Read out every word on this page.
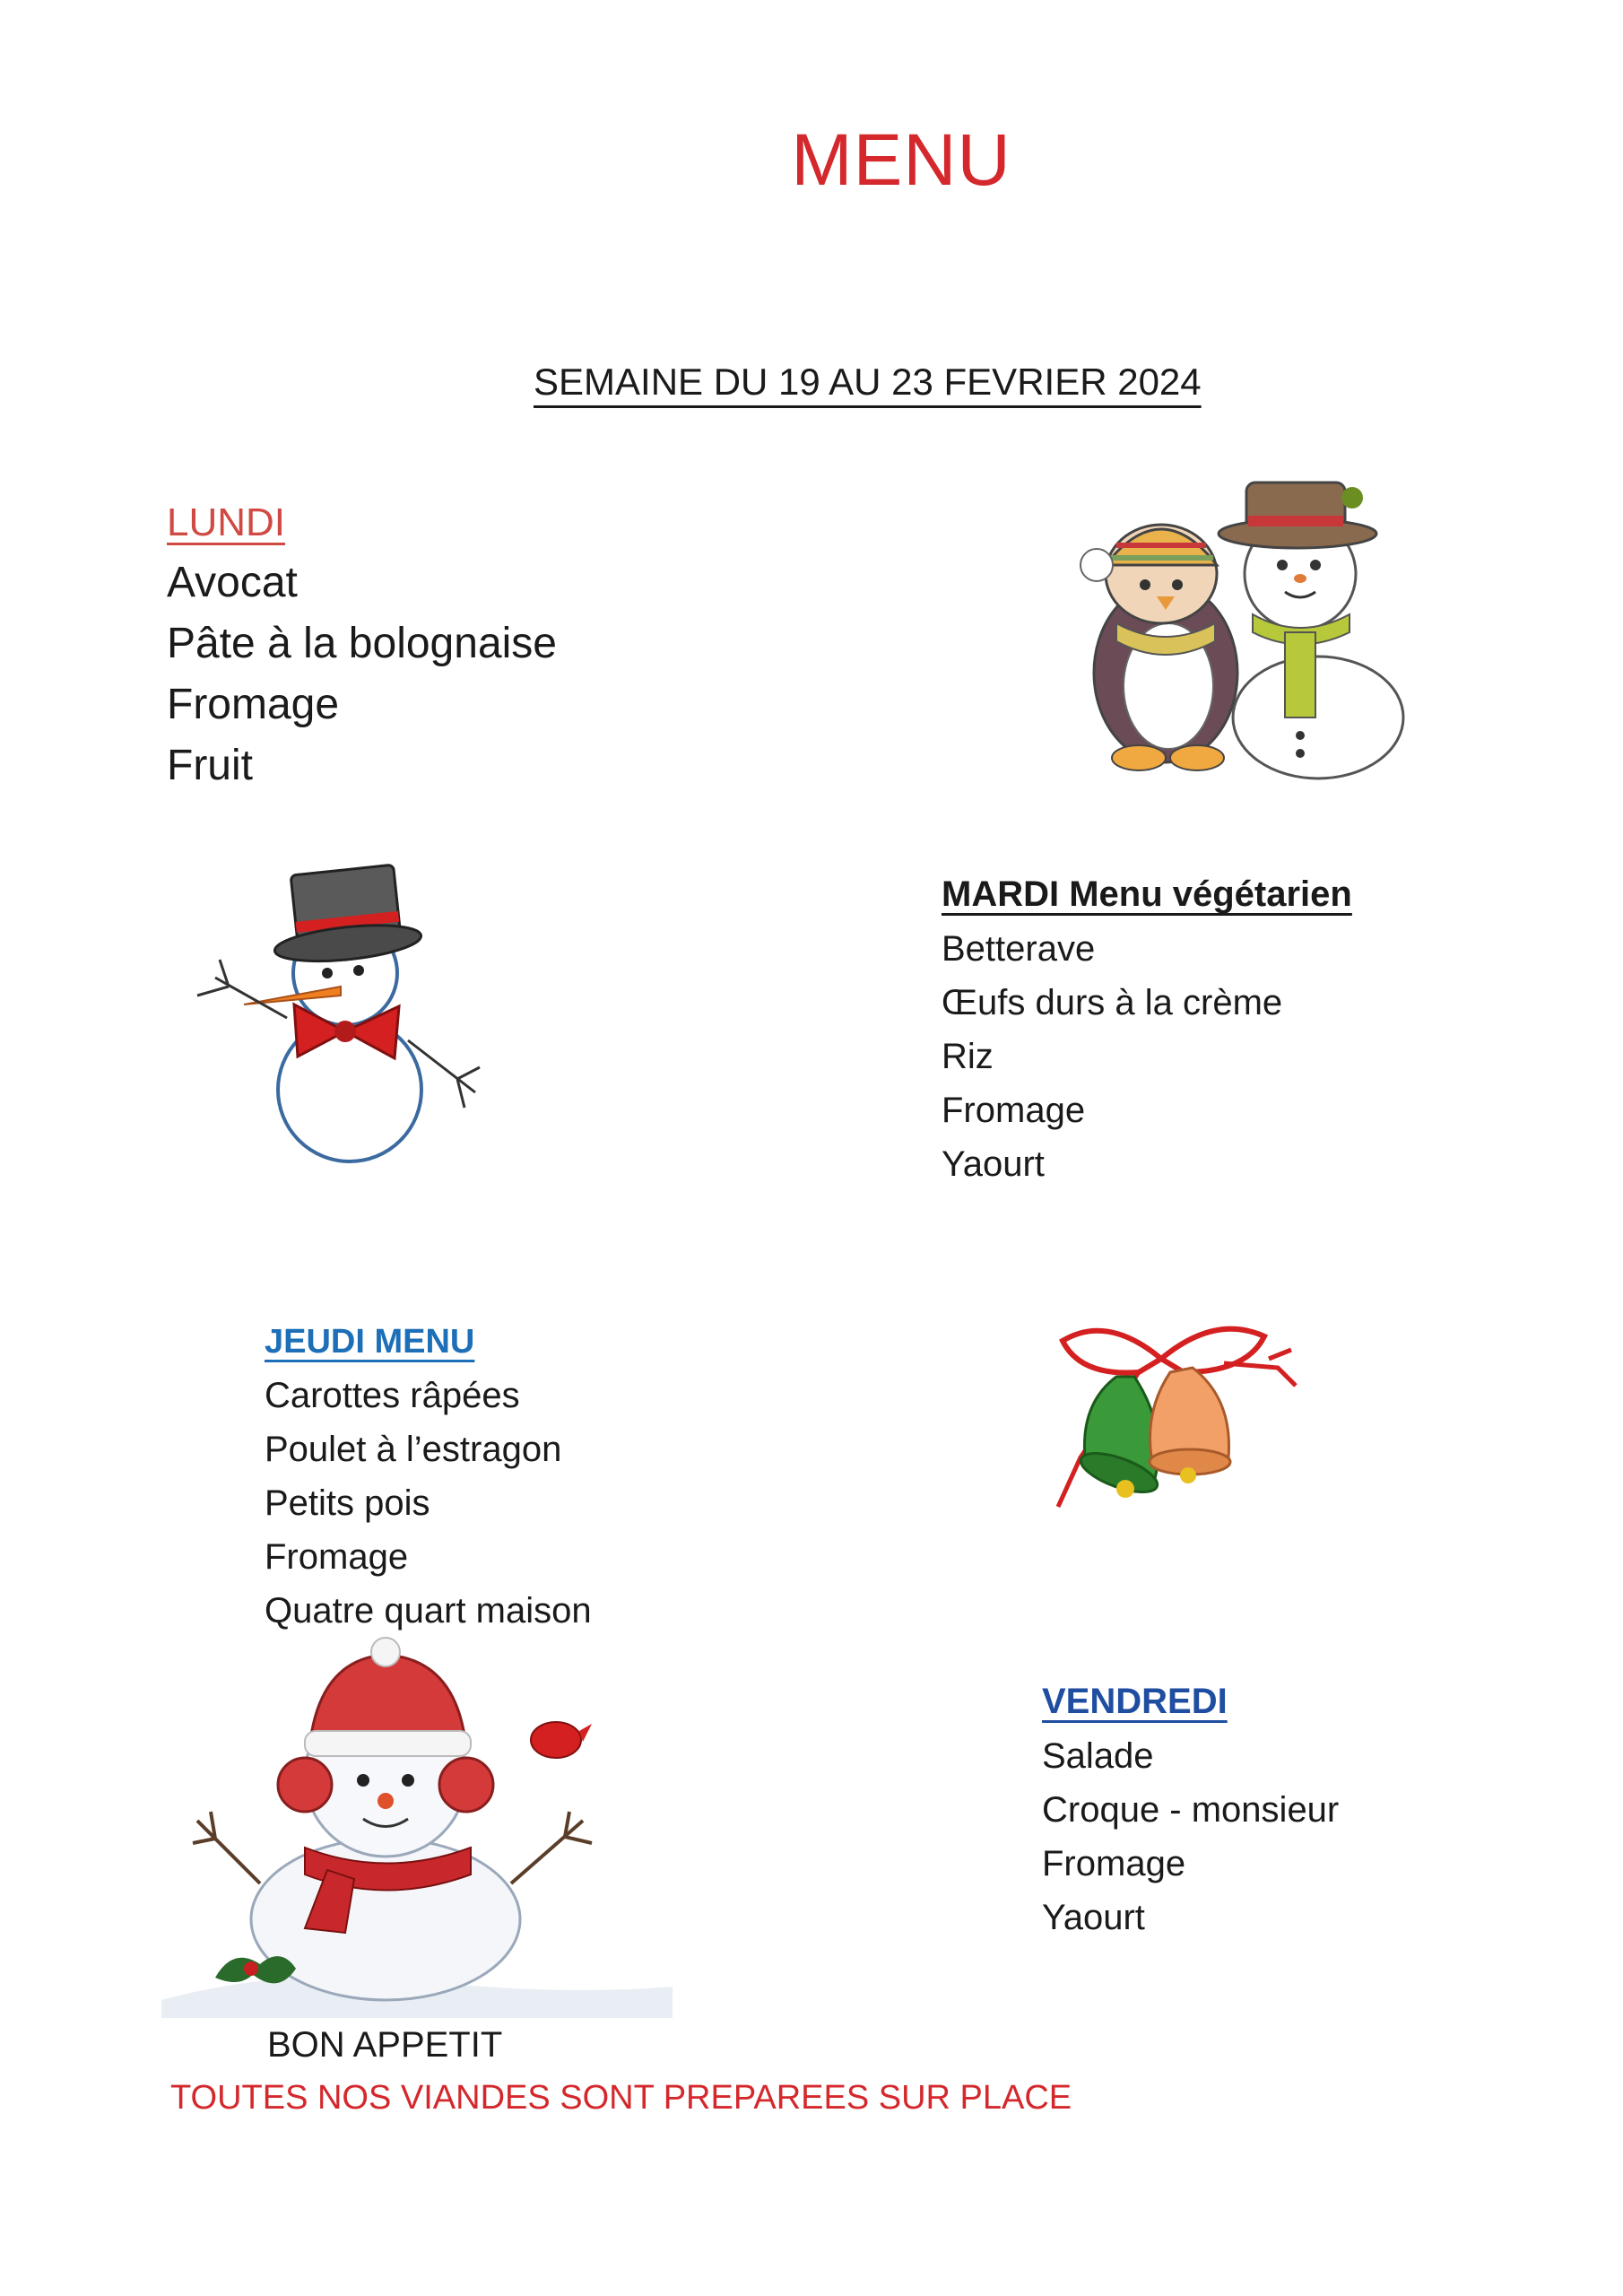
MENU
SEMAINE DU 19 AU 23 FEVRIER 2024
LUNDI
Avocat
Pâte à la bolognaise
Fromage
Fruit
MARDI Menu végétarien
Betterave
Œufs durs à la crème
Riz
Fromage
Yaourt
JEUDI MENU
Carottes râpées
Poulet à l’estragon
Petits pois
Fromage
Quatre quart maison
VENDREDI
Salade
Croque - monsieur
Fromage
Yaourt
BON APPETIT
TOUTES NOS VIANDES SONT PREPAREES SUR PLACE
